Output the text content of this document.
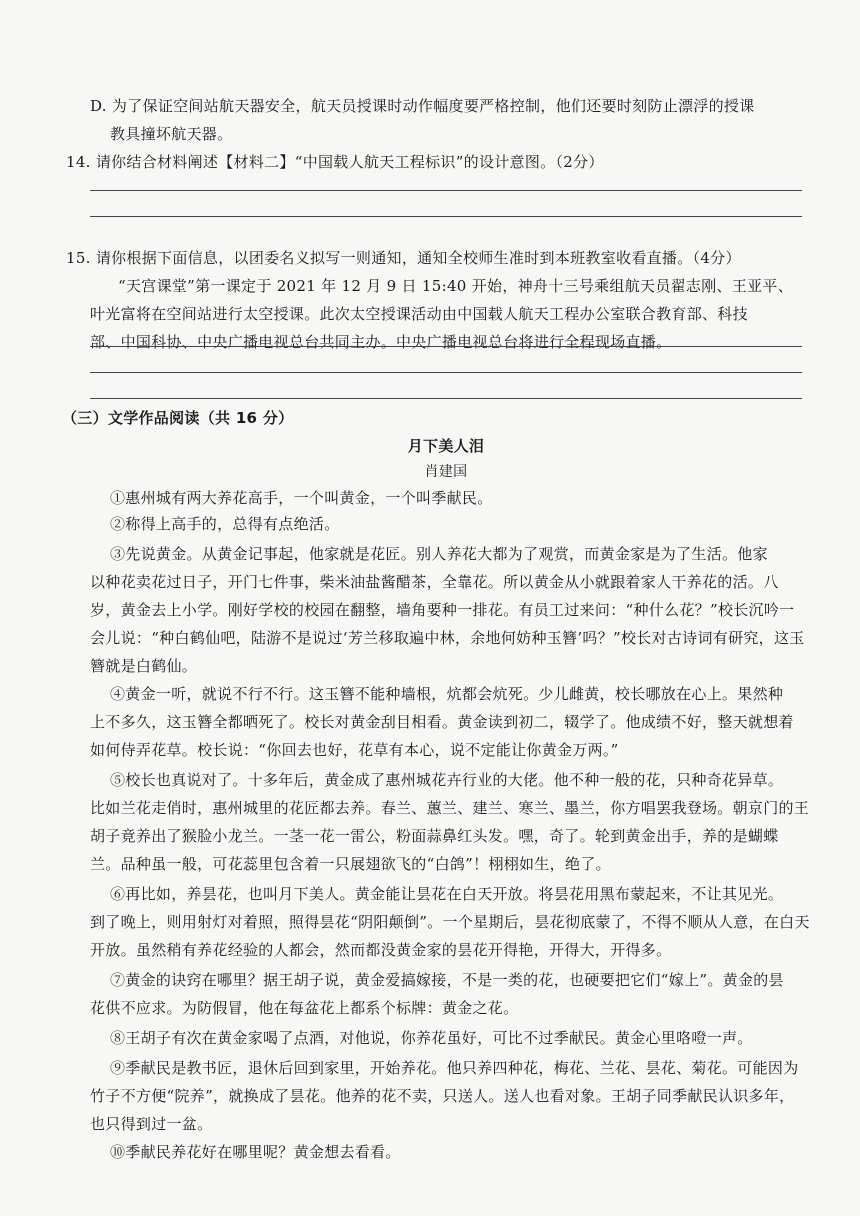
D. 为了保证空间站航天器安全，航天员授课时动作幅度要严格控制，他们还要时刻防止漂浮的授课
教具撞坏航天器。
14. 请你结合材料阐述【材料二】“中国载人航天工程标识”的设计意图。（2分）
15. 请你根据下面信息，以团委名义拟写一则通知，通知全校师生准时到本班教室收看直播。（4分）
“天宫课堂”第一课定于 2021 年 12 月 9 日 15:40 开始，神舟十三号乘组航天员翟志刚、王亚平、
叶光富将在空间站进行太空授课。此次太空授课活动由中国载人航天工程办公室联合教育部、科技
部、中国科协、中央广播电视总台共同主办。中央广播电视总台将进行全程现场直播。
（三）文学作品阅读（共 16 分）
月下美人泪
肖建国
①惠州城有两大养花高手，一个叫黄金，一个叫季献民。
②称得上高手的，总得有点绝活。
③先说黄金。从黄金记事起，他家就是花匠。别人养花大都为了观赏，而黄金家是为了生活。他家
以种花卖花过日子，开门七件事，柴米油盐酱醋茶，全靠花。所以黄金从小就跟着家人干养花的活。八
岁，黄金去上小学。刚好学校的校园在翻整，墙角要种一排花。有员工过来问：“种什么花？”校长沉吟一
会儿说：“种白鹤仙吧，陆游不是说过‘芳兰移取遍中林，余地何妨种玉簪’吗？”校长对古诗词有研究，这玉
簪就是白鹤仙。
④黄金一听，就说不行不行。这玉簪不能种墙根，炕都会炕死。少儿雌黄，校长哪放在心上。果然种
上不多久，这玉簪全都晒死了。校长对黄金刮目相看。黄金读到初二，辍学了。他成绩不好，整天就想着
如何侍弄花草。校长说：“你回去也好，花草有本心，说不定能让你黄金万两。”
⑤校长也真说对了。十多年后，黄金成了惠州城花卉行业的大佬。他不种一般的花，只种奇花异草。
比如兰花走俏时，惠州城里的花匠都去养。春兰、蕙兰、建兰、寒兰、墨兰，你方唱罢我登场。朝京门的王
胡子竟养出了猴脸小龙兰。一茎一花一雷公，粉面蒜鼻红头发。嘿，奇了。轮到黄金出手，养的是蝴蝶
兰。品种虽一般，可花蕊里包含着一只展翅欲飞的“白鸽”！栩栩如生，绝了。
⑥再比如，养昙花，也叫月下美人。黄金能让昙花在白天开放。将昙花用黑布蒙起来，不让其见光。
到了晚上，则用射灯对着照，照得昙花“阴阳颠倒”。一个星期后，昙花彻底蒙了，不得不顺从人意，在白天
开放。虽然稍有养花经验的人都会，然而都没黄金家的昙花开得艳，开得大，开得多。
⑦黄金的诀窍在哪里？据王胡子说，黄金爱搞嫁接，不是一类的花，也硬要把它们“嫁上”。黄金的昙
花供不应求。为防假冒，他在每盆花上都系个标牌：黄金之花。
⑧王胡子有次在黄金家喝了点酒，对他说，你养花虽好，可比不过季献民。黄金心里咯噔一声。
⑨季献民是教书匠，退休后回到家里，开始养花。他只养四种花，梅花、兰花、昙花、菊花。可能因为
竹子不方便“院养”，就换成了昙花。他养的花不卖，只送人。送人也看对象。王胡子同季献民认识多年，
也只得到过一盆。
⑩季献民养花好在哪里呢？黄金想去看看。
